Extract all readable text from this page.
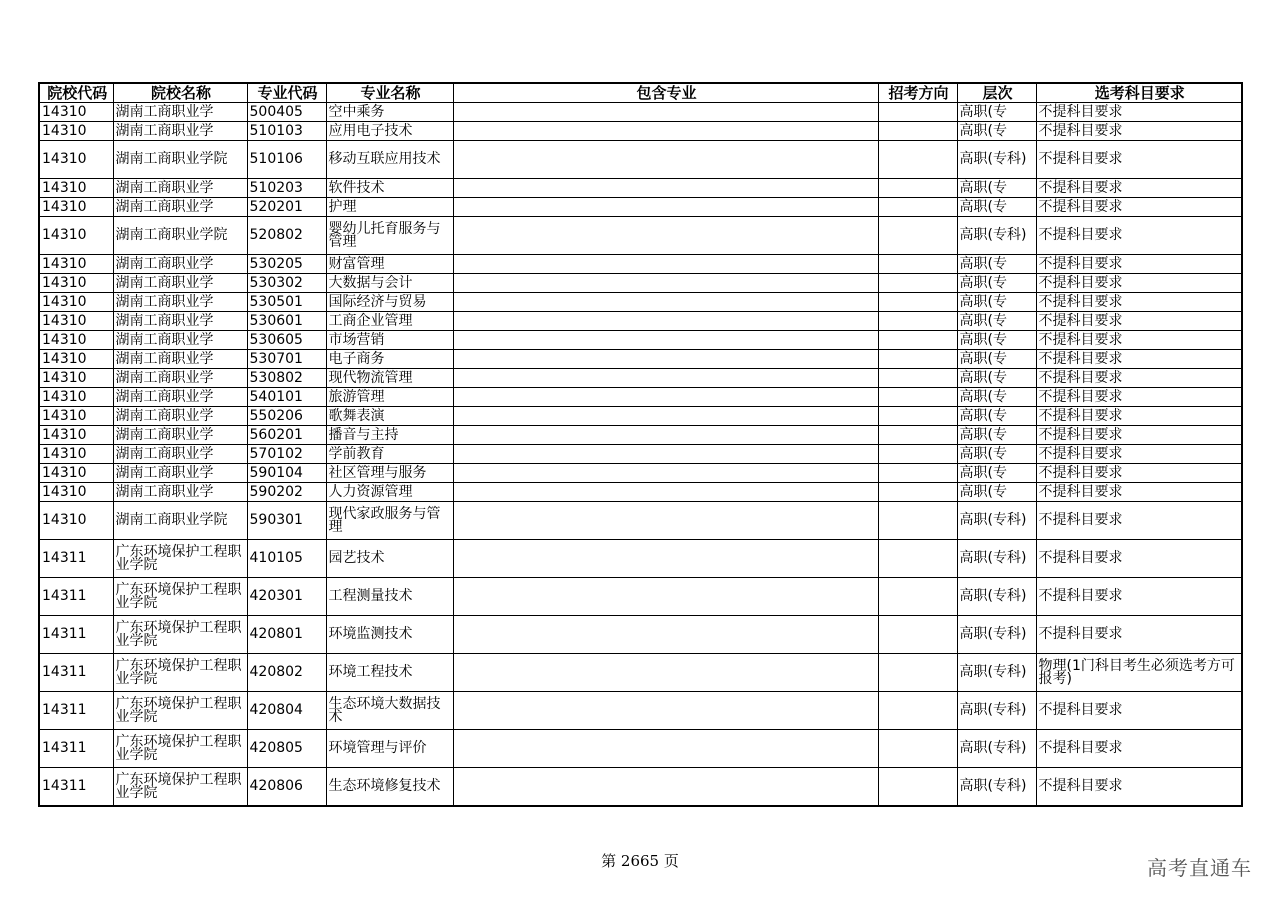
院校代码	院校名称	专业代码	专业名称	包含专业	招考方向	层次	选考科目要求
14310	湖南工商职业学	500405	空中乘务			高职(专	不提科目要求
14310	湖南工商职业学	510103	应用电子技术			高职(专	不提科目要求
14310	湖南工商职业学院	510106	移动互联应用技术			高职(专科)	不提科目要求
14310	湖南工商职业学	510203	软件技术			高职(专	不提科目要求
14310	湖南工商职业学	520201	护理			高职(专	不提科目要求
14310	湖南工商职业学院	520802	婴幼儿托育服务与管理			高职(专科)	不提科目要求
14310	湖南工商职业学	530205	财富管理			高职(专	不提科目要求
14310	湖南工商职业学	530302	大数据与会计			高职(专	不提科目要求
14310	湖南工商职业学	530501	国际经济与贸易			高职(专	不提科目要求
14310	湖南工商职业学	530601	工商企业管理			高职(专	不提科目要求
14310	湖南工商职业学	530605	市场营销			高职(专	不提科目要求
14310	湖南工商职业学	530701	电子商务			高职(专	不提科目要求
14310	湖南工商职业学	530802	现代物流管理			高职(专	不提科目要求
14310	湖南工商职业学	540101	旅游管理			高职(专	不提科目要求
14310	湖南工商职业学	550206	歌舞表演			高职(专	不提科目要求
14310	湖南工商职业学	560201	播音与主持			高职(专	不提科目要求
14310	湖南工商职业学	570102	学前教育			高职(专	不提科目要求
14310	湖南工商职业学	590104	社区管理与服务			高职(专	不提科目要求
14310	湖南工商职业学	590202	人力资源管理			高职(专	不提科目要求
14310	湖南工商职业学院	590301	现代家政服务与管理			高职(专科)	不提科目要求
14311	广东环境保护工程职业学院	410105	园艺技术			高职(专科)	不提科目要求
14311	广东环境保护工程职业学院	420301	工程测量技术			高职(专科)	不提科目要求
14311	广东环境保护工程职业学院	420801	环境监测技术			高职(专科)	不提科目要求
14311	广东环境保护工程职业学院	420802	环境工程技术			高职(专科)	物理(1门科目考生必须选考方可报考)
14311	广东环境保护工程职业学院	420804	生态环境大数据技术			高职(专科)	不提科目要求
14311	广东环境保护工程职业学院	420805	环境管理与评价			高职(专科)	不提科目要求
14311	广东环境保护工程职业学院	420806	生态环境修复技术			高职(专科)	不提科目要求
第 2665 页	高考直通车
